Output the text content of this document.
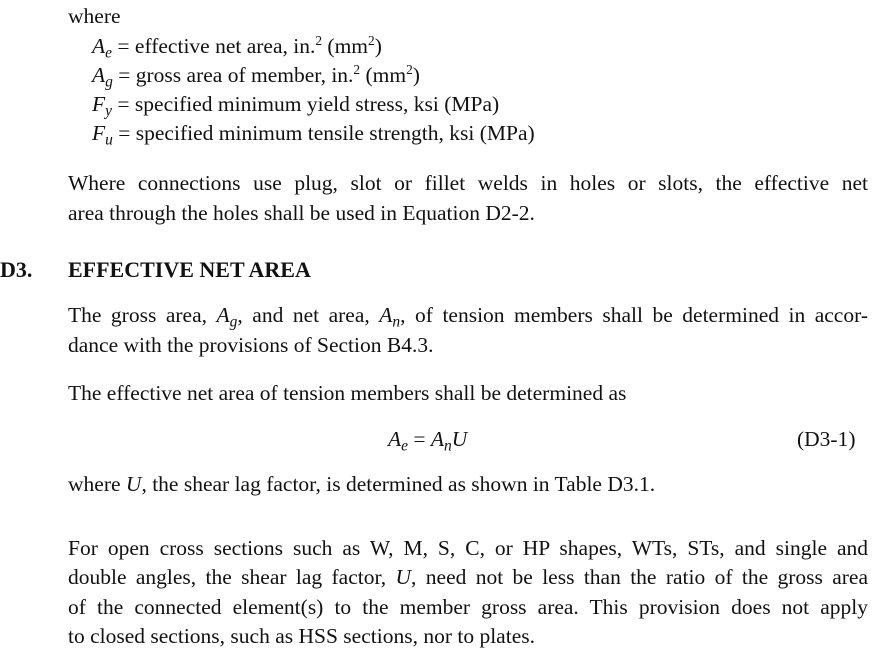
where
$A_e$ = effective net area, in.$^2$ $(mm^2)$
$A_g$ = gross area of member, in.$^2$ $(mm^2)$
$F_y$ = specified minimum yield stress, ksi (MPa)
$F_u$ = specified minimum tensile strength, ksi (MPa)
Where connections use plug, slot or fillet welds in holes or slots, the effective net
area through the holes shall be used in Equation D2-2.
D3. EFFECTIVE NET AREA
The gross area, $A_g$, and net area, $A_n$, of tension members shall be determined in accor-
dance with the provisions of Section B4.3.
The effective net area of tension members shall be determined as
$A_e = A_nU$	(D3-1)
where U, the shear lag factor, is determined as shown in Table D3.1.
For open cross sections such as W, M, S, C, or HP shapes, WTs, STs, and single and
double angles, the shear lag factor, U, need not be less than the ratio of the gross area
of the connected element(s) to the member gross area. This provision does not apply
to closed sections, such as HSS sections, nor to plates.
